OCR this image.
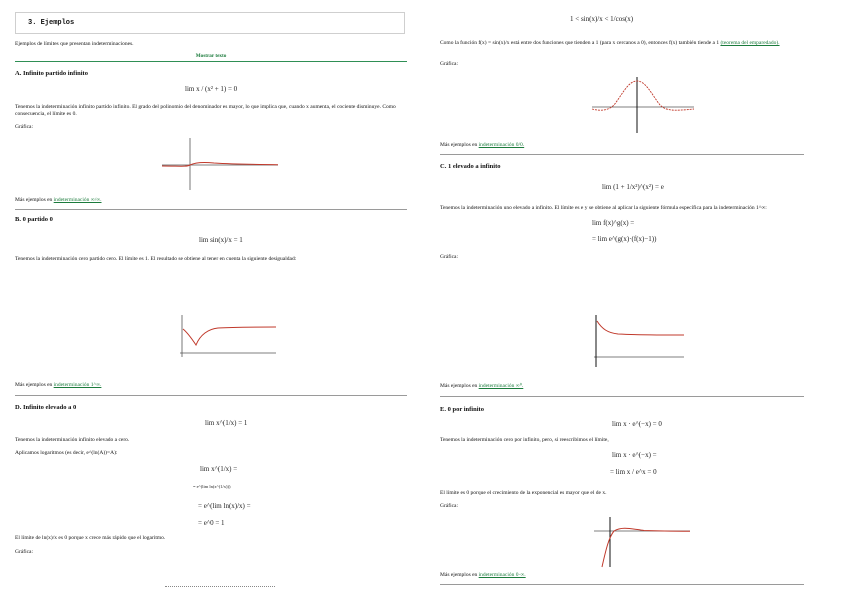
3. Ejemplos
Ejemplos de límites que presentan indeterminaciones.
Mostrar texto
A. Infinito partido infinito
lim x / (x² + 1) = 0
Tenemos la indeterminación infinito partido infinito. El grado del polinomio del denominador es mayor, lo que implica que, cuando x aumenta, el cociente disminuye. Como consecuencia, el límite es 0.
Gráfica:
Más ejemplos en indeterminación ∞/∞.
B. 0 partido 0
lim sin(x)/x = 1
Tenemos la indeterminación cero partido cero. El límite es 1. El resultado se obtiene al tener en cuenta la siguiente desigualdad:
Más ejemplos en indeterminación 1^∞.
D. Infinito elevado a 0
lim x^(1/x) = 1
Tenemos la indeterminación infinito elevado a cero.
Aplicamos logaritmos (es decir, e^(ln(A))=A):
lim x^(1/x) =
= e^(lim ln(x^(1/x)))
= e^(lim ln(x)/x) =
= e^0 = 1
El límite de ln(x)/x es 0 porque x crece más rápido que el logaritmo.
Gráfica:
1 < sin(x)/x < 1/cos(x)
Como la función f(x) = sin(x)/x está entre dos funciones que tienden a 1 (para x cercanos a 0), entonces f(x) también tiende a 1 (teorema del emparedado).
Gráfica:
Más ejemplos en indeterminación 0/0.
C. 1 elevado a infinito
lim (1 + 1/x²)^(x²) = e
Tenemos la indeterminación uno elevado a infinito. El límite es e y se obtiene al aplicar la siguiente fórmula específica para la indeterminación 1^∞:
lim f(x)^g(x) =
= lim e^(g(x)·(f(x)−1))
Gráfica:
Más ejemplos en indeterminación ∞⁰.
E. 0 por infinito
lim x · e^(−x) = 0
Tenemos la indeterminación cero por infinito, pero, si reescribimos el límite,
lim x · e^(−x) =
= lim x / e^x = 0
El límite es 0 porque el crecimiento de la exponencial es mayor que el de x.
Gráfica:
Más ejemplos en indeterminación 0·∞.
